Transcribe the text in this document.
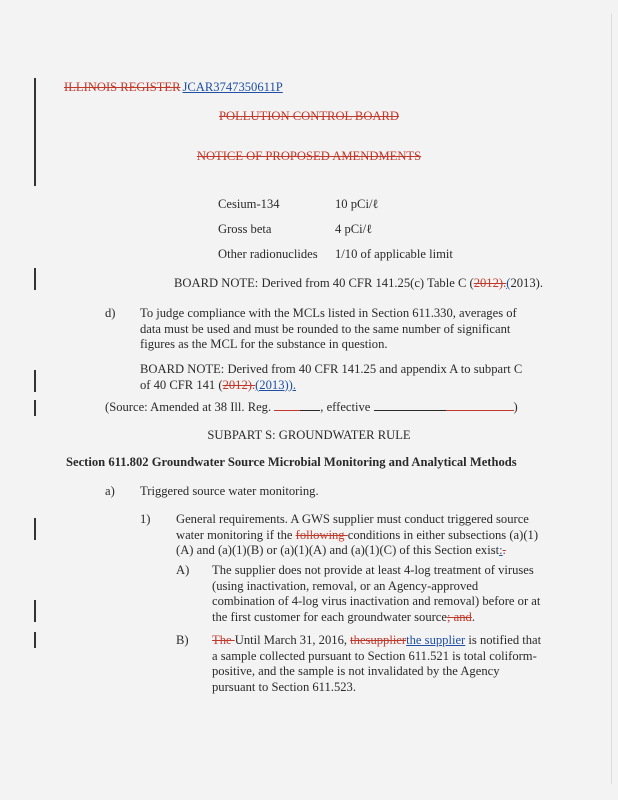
ILLINOIS REGISTER JCAR3747350611P
POLLUTION CONTROL BOARD
NOTICE OF PROPOSED AMENDMENTS
Cesium-134	10 pCi/ℓ
Gross beta	4 pCi/ℓ
Other radionuclides 1/10 of applicable limit
BOARD NOTE: Derived from 40 CFR 141.25(c) Table C (2012).(2013).
d) To judge compliance with the MCLs listed in Section 611.330, averages of data must be used and must be rounded to the same number of significant figures as the MCL for the substance in question.
BOARD NOTE: Derived from 40 CFR 141.25 and appendix A to subpart C of 40 CFR 141 (2012).(2013)).
(Source: Amended at 38 Ill. Reg.	, effective	)
SUBPART S: GROUNDWATER RULE
Section 611.802 Groundwater Source Microbial Monitoring and Analytical Methods
a) Triggered source water monitoring.
1) General requirements. A GWS supplier must conduct triggered source water monitoring if the following conditions in either subsections (a)(1)(A) and (a)(1)(B) or (a)(1)(A) and (a)(1)(C) of this Section exist:.
A) The supplier does not provide at least 4-log treatment of viruses (using inactivation, removal, or an Agency-approved combination of 4-log virus inactivation and removal) before or at the first customer for each groundwater source; and.
B) The Until March 31, 2016, thesupplierthe supplier is notified that a sample collected pursuant to Section 611.521 is total coliform-positive, and the sample is not invalidated by the Agency pursuant to Section 611.523.
